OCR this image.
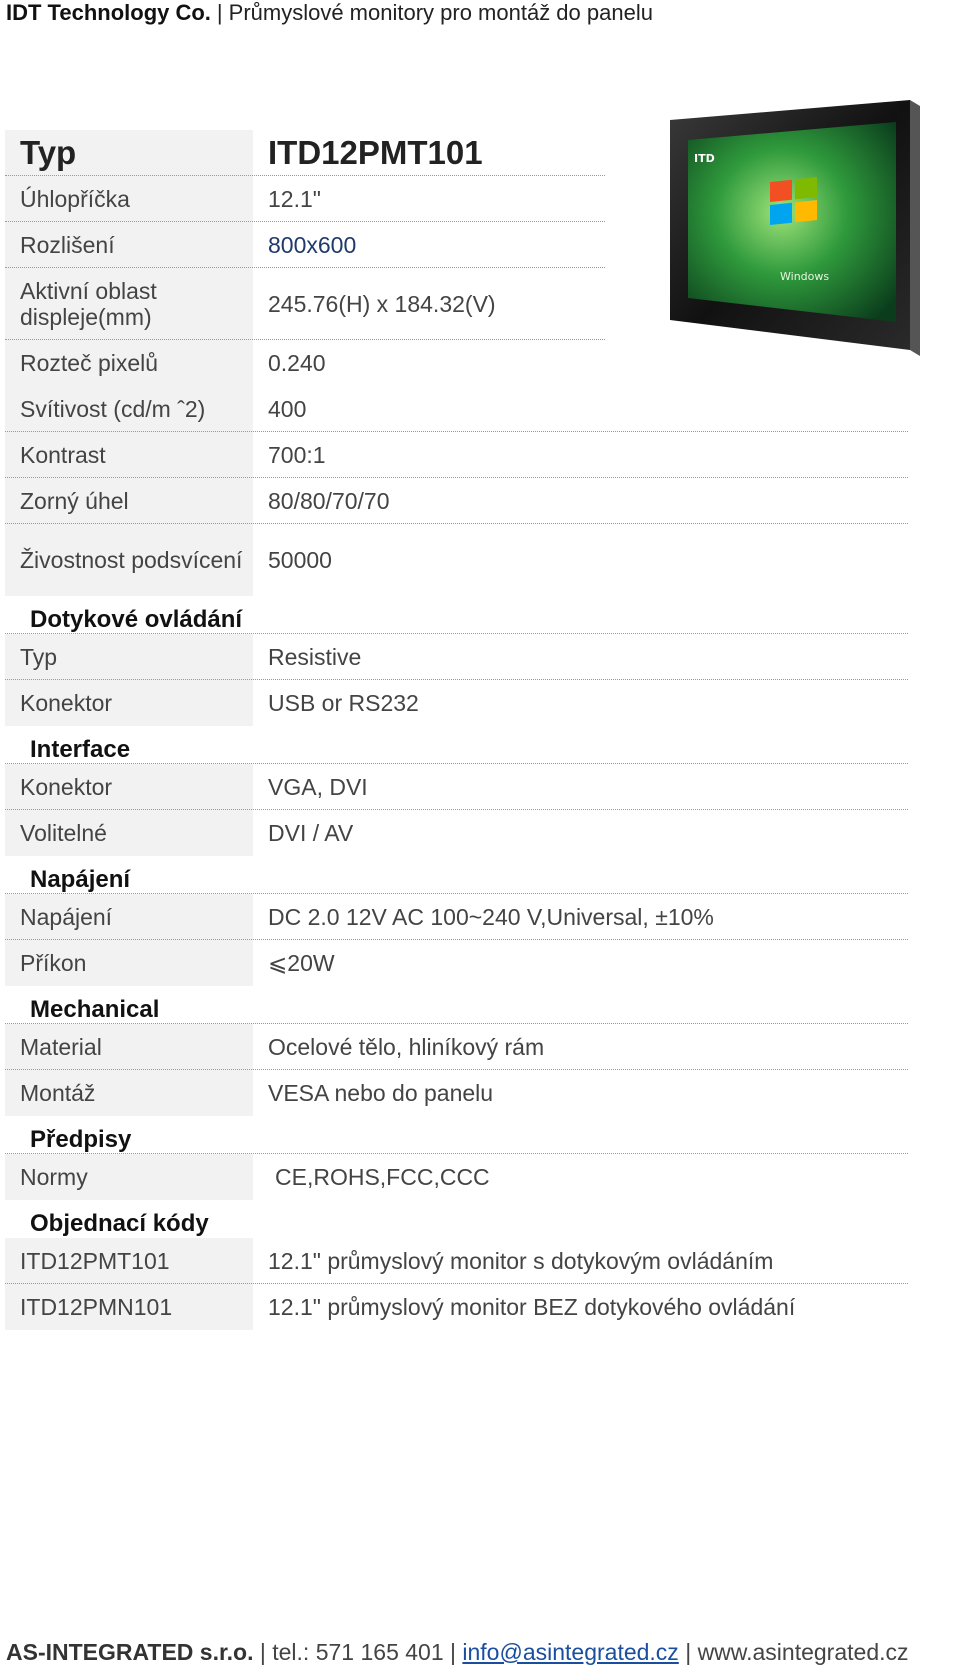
IDT Technology Co. | Průmyslové monitory pro montáž do panelu
Typ	ITD12PMT101
Úhlopříčka	12.1"
Rozlišení	800x600
Aktivní oblast displeje(mm)	245.76(H) x 184.32(V)
Rozteč pixelů	0.240
Svítivost (cd/m ˆ2)	400
Kontrast	700:1
Zorný úhel	80/80/70/70
Živostnost podsvícení	50000
Dotykové ovládání
Typ	Resistive
Konektor	USB or RS232
Interface
Konektor	VGA, DVI
Volitelné	DVI / AV
Napájení
Napájení	DC 2.0 12V AC 100~240 V,Universal, ±10%
Příkon	⩽20W
Mechanical
Material	Ocelové tělo, hliníkový rám
Montáž	VESA nebo do panelu
Předpisy
Normy	CE,ROHS,FCC,CCC
Objednací kódy
ITD12PMT101	12.1" průmyslový monitor s dotykovým ovládáním
ITD12PMN101	12.1" průmyslový monitor BEZ dotykového ovládání
ITD
Windows
AS-INTEGRATED s.r.o. | tel.: 571 165 401 | info@asintegrated.cz | www.asintegrated.cz
